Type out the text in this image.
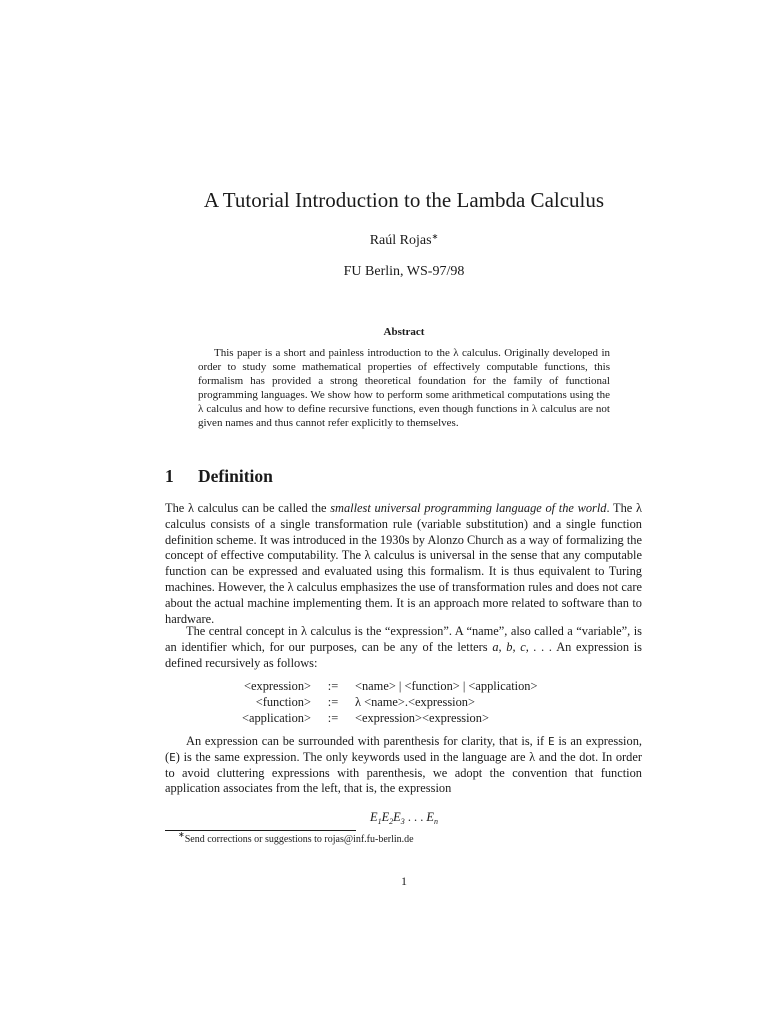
A Tutorial Introduction to the Lambda Calculus
Raúl Rojas∗
FU Berlin, WS-97/98
Abstract

This paper is a short and painless introduction to the λ calculus. Originally developed in order to study some mathematical properties of effectively computable functions, this formalism has provided a strong theoretical foundation for the family of functional programming languages. We show how to perform some arithmetical computations using the λ calculus and how to define recursive functions, even though functions in λ calculus are not given names and thus cannot refer explicitly to themselves.

1 Definition

The λ calculus can be called the smallest universal programming language of the world. The λ calculus consists of a single transformation rule (variable substitution) and a single function definition scheme. It was introduced in the 1930s by Alonzo Church as a way of formalizing the concept of effective computability. The λ calculus is universal in the sense that any computable function can be expressed and evaluated using this formalism. It is thus equivalent to Turing machines. However, the λ calculus emphasizes the use of transformation rules and does not care about the actual machine implementing them. It is an approach more related to software than to hardware.

The central concept in λ calculus is the “expression”. A “name”, also called a “variable”, is an identifier which, for our purposes, can be any of the letters a, b, c, . . . An expression is defined recursively as follows:

<expression>	:=	<name> | <function> | <application>
<function>	:=	λ <name>.<expression>
<application>	:=	<expression><expression>

An expression can be surrounded with parenthesis for clarity, that is, if E is an expression, (E) is the same expression. The only keywords used in the language are λ and the dot. In order to avoid cluttering expressions with parenthesis, we adopt the convention that function application associates from the left, that is, the expression

$E_1E_2E_3$ . . . $E_n$
∗Send corrections or suggestions to rojas@inf.fu-berlin.de
1
